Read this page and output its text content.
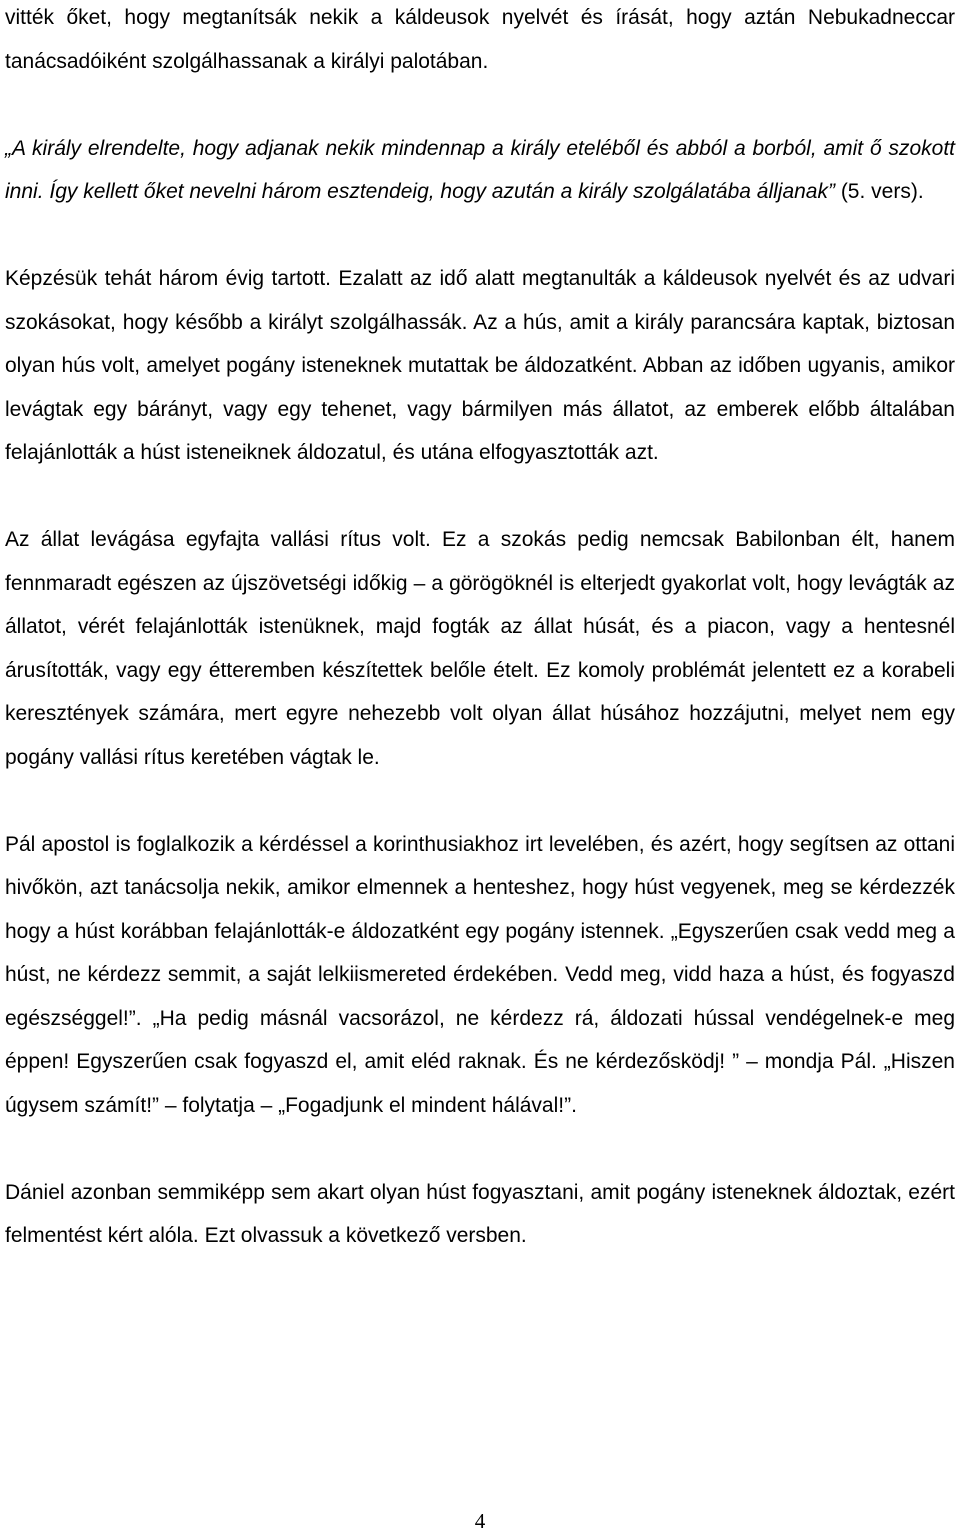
vitték őket, hogy megtanítsák nekik a káldeusok nyelvét és írását, hogy aztán Nebukadneccar tanácsadóiként szolgálhassanak a királyi palotában.

„A király elrendelte, hogy adjanak nekik mindennap a király eteléből és abból a borból, amit ő szokott inni. Így kellett őket nevelni három esztendeig, hogy azután a király szolgálatába álljanak” (5. vers).

Képzésük tehát három évig tartott. Ezalatt az idő alatt megtanulták a káldeusok nyelvét és az udvari szokásokat, hogy később a királyt szolgálhassák. Az a hús, amit a király parancsára kaptak, biztosan olyan hús volt, amelyet pogány isteneknek mutattak be áldozatként. Abban az időben ugyanis, amikor levágtak egy bárányt, vagy egy tehenet, vagy bármilyen más állatot, az emberek előbb általában felajánlották a húst isteneiknek áldozatul, és utána elfogyasztották azt.

Az állat levágása egyfajta vallási rítus volt. Ez a szokás pedig nemcsak Babilonban élt, hanem fennmaradt egészen az újszövetségi időkig – a görögöknél is elterjedt gyakorlat volt, hogy levágták az állatot, vérét felajánlották istenüknek, majd fogták az állat húsát, és a piacon, vagy a hentesnél árusították, vagy egy étteremben készítettek belőle ételt. Ez komoly problémát jelentett ez a korabeli keresztények számára, mert egyre nehezebb volt olyan állat húsához hozzájutni, melyet nem egy pogány vallási rítus keretében vágtak le.

Pál apostol is foglalkozik a kérdéssel a korinthusiakhoz irt levelében, és azért, hogy segítsen az ottani hivőkön, azt tanácsolja nekik, amikor elmennek a henteshez, hogy húst vegyenek, meg se kérdezzék hogy a húst korábban felajánlották-e áldozatként egy pogány istennek. „Egyszerűen csak vedd meg a húst, ne kérdezz semmit, a saját lelkiismereted érdekében. Vedd meg, vidd haza a húst, és fogyaszd egészséggel!”. „Ha pedig másnál vacsorázol, ne kérdezz rá, áldozati hússal vendégelnek-e meg éppen! Egyszerűen csak fogyaszd el, amit eléd raknak. És ne kérdezősködj! ” – mondja Pál. „Hiszen úgysem számít!” – folytatja – „Fogadjunk el mindent hálával!”.

Dániel azonban semmiképp sem akart olyan húst fogyasztani, amit pogány isteneknek áldoztak, ezért felmentést kért alóla. Ezt olvassuk a következő versben.

4
